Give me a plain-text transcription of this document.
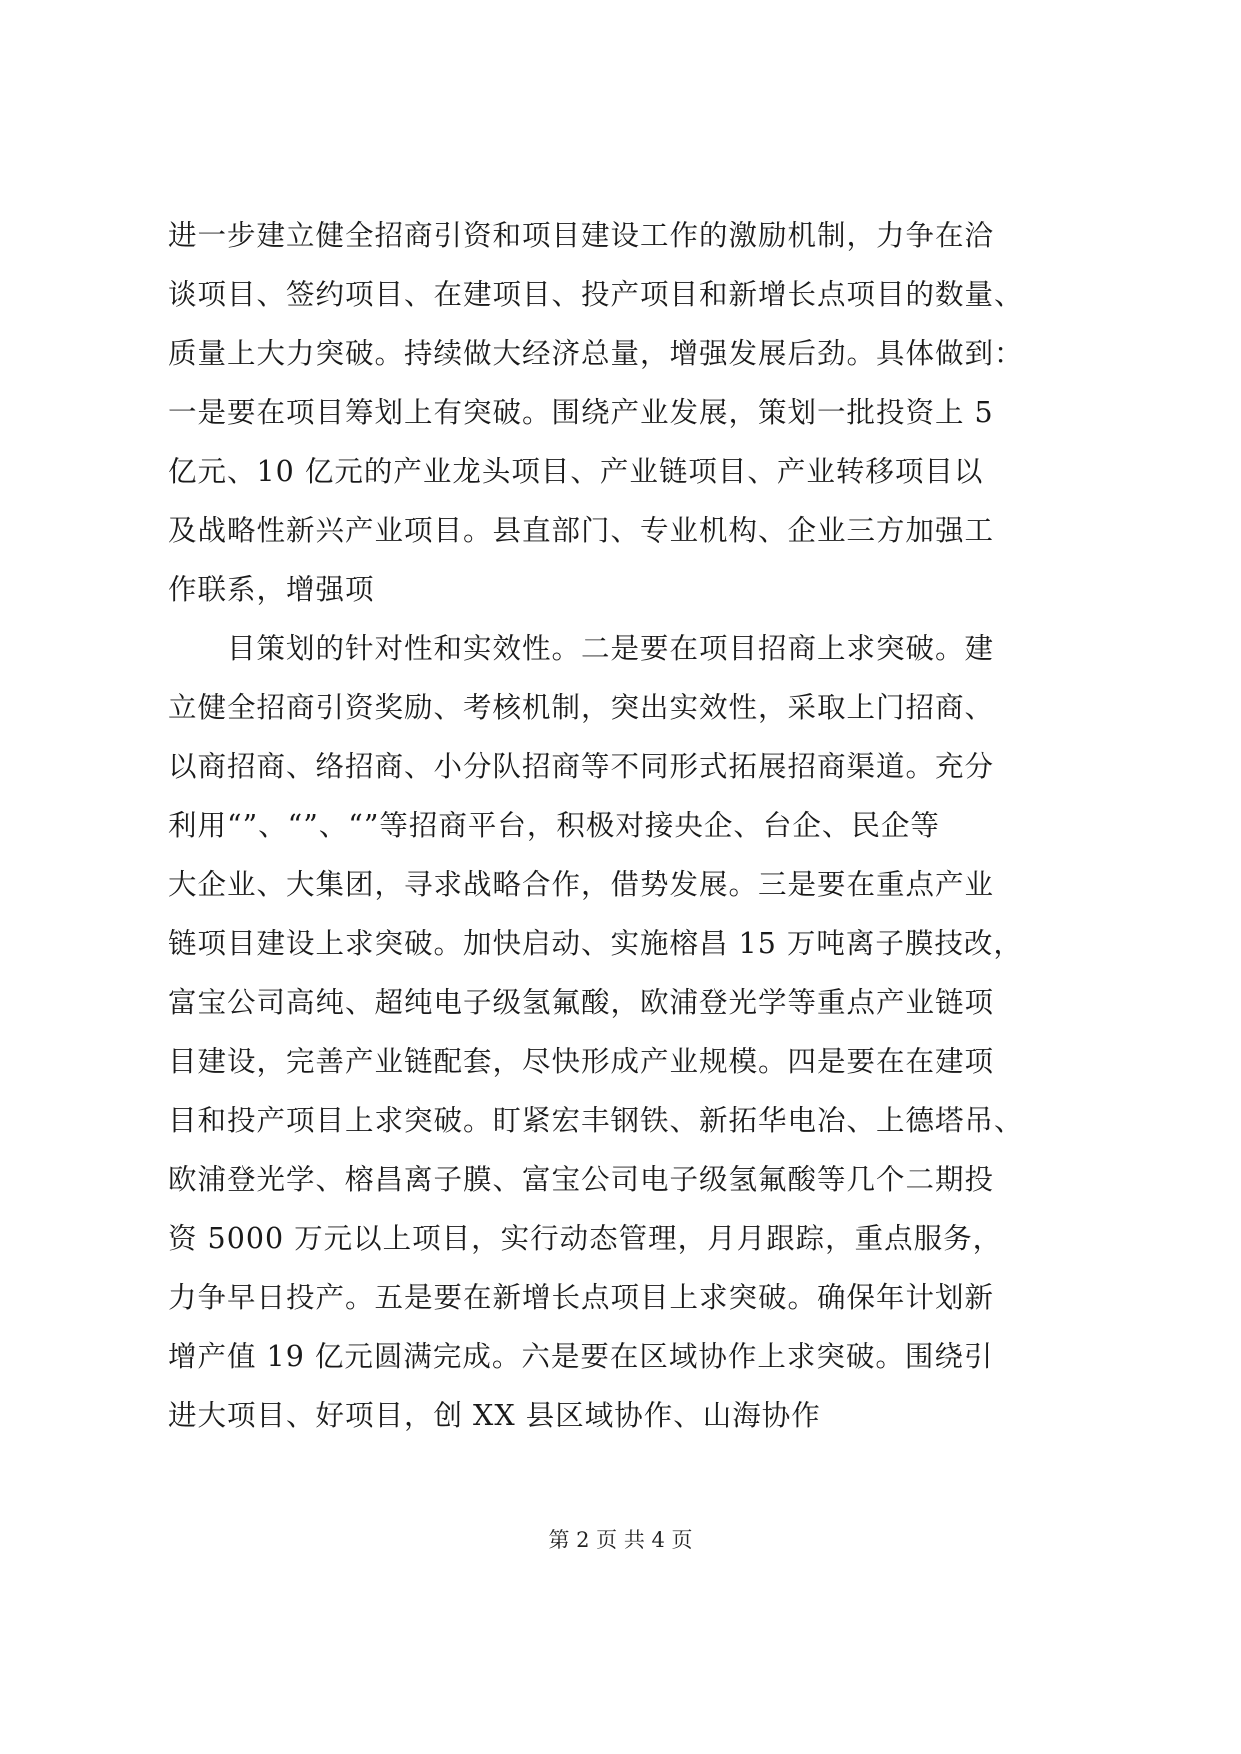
进一步建立健全招商引资和项目建设工作的激励机制，力争在洽
谈项目、签约项目、在建项目、投产项目和新增长点项目的数量、
质量上大力突破。持续做大经济总量，增强发展后劲。具体做到：
一是要在项目筹划上有突破。围绕产业发展，策划一批投资上 5
亿元、10 亿元的产业龙头项目、产业链项目、产业转移项目以
及战略性新兴产业项目。县直部门、专业机构、企业三方加强工
作联系，增强项
　　目策划的针对性和实效性。二是要在项目招商上求突破。建
立健全招商引资奖励、考核机制，突出实效性，采取上门招商、
以商招商、络招商、小分队招商等不同形式拓展招商渠道。充分
利用“”、“”、“”等招商平台，积极对接央企、台企、民企等
大企业、大集团，寻求战略合作，借势发展。三是要在重点产业
链项目建设上求突破。加快启动、实施榕昌 15 万吨离子膜技改，
富宝公司高纯、超纯电子级氢氟酸，欧浦登光学等重点产业链项
目建设，完善产业链配套，尽快形成产业规模。四是要在在建项
目和投产项目上求突破。盯紧宏丰钢铁、新拓华电冶、上德塔吊、
欧浦登光学、榕昌离子膜、富宝公司电子级氢氟酸等几个二期投
资 5000 万元以上项目，实行动态管理，月月跟踪，重点服务，
力争早日投产。五是要在新增长点项目上求突破。确保年计划新
增产值 19 亿元圆满完成。六是要在区域协作上求突破。围绕引
进大项目、好项目，创 XX 县区域协作、山海协作
第 2 页 共 4 页
